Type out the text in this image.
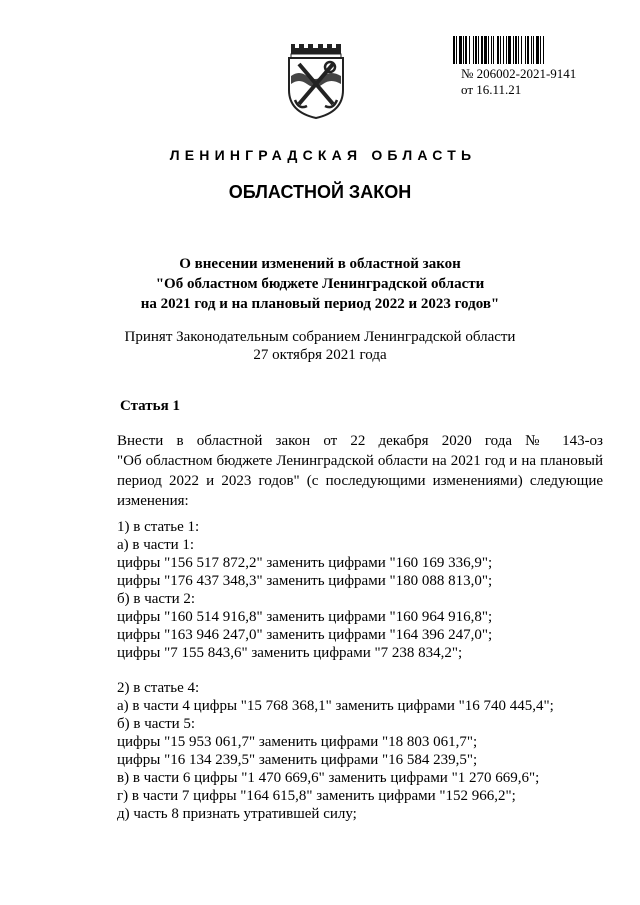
№ 206002-2021-9141
от 16.11.21
ЛЕНИНГРАДСКАЯ ОБЛАСТЬ
ОБЛАСТНОЙ ЗАКОН
О внесении изменений в областной закон
"Об областном бюджете Ленинградской области
на 2021 год и на плановый период 2022 и 2023 годов"
Принят Законодательным собранием Ленинградской области
27 октября 2021 года
Статья 1
Внести в областной закон от 22 декабря 2020 года № 143-оз
"Об областном бюджете Ленинградской области на 2021 год и на плановый период 2022 и 2023 годов" (с последующими изменениями) следующие изменения:
1) в статье 1:
а) в части 1:
цифры "156 517 872,2" заменить цифрами "160 169 336,9";
цифры "176 437 348,3" заменить цифрами "180 088 813,0";
б) в части 2:
цифры "160 514 916,8" заменить цифрами "160 964 916,8";
цифры "163 946 247,0" заменить цифрами "164 396 247,0";
цифры "7 155 843,6" заменить цифрами "7 238 834,2";
2) в статье 4:
а) в части 4 цифры "15 768 368,1" заменить цифрами "16 740 445,4";
б) в части 5:
цифры "15 953 061,7" заменить цифрами "18 803 061,7";
цифры "16 134 239,5" заменить цифрами "16 584 239,5";
в) в части 6 цифры "1 470 669,6" заменить цифрами "1 270 669,6";
г) в части 7 цифры "164 615,8" заменить цифрами "152 966,2";
д) часть 8 признать утратившей силу;
